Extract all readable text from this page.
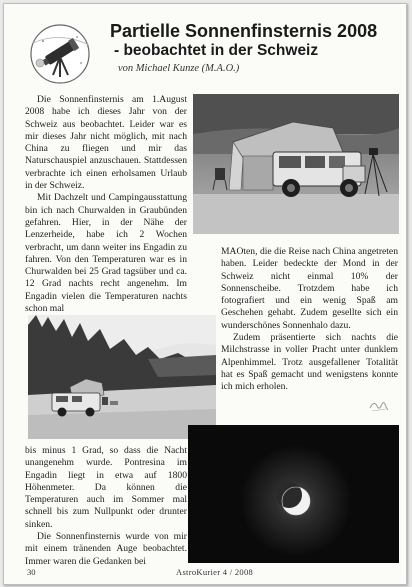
Partielle Sonnenfinsternis 2008
- beobachtet in der Schweiz
von Michael Kunze (M.A.O.)

Die Sonnenfinsternis am 1.August 2008 habe ich dieses Jahr von der Schweiz aus beobachtet. Leider war es mir dieses Jahr nicht möglich, mit nach China zu fliegen und mir das Naturschauspiel anzuschauen. Stattdessen verbrachte ich einen erholsamen Urlaub in der Schweiz.

Mit Dachzelt und Campingausstattung bin ich nach Churwalden in Graubünden gefahren. Hier, in der Nähe der Lenzerheide, habe ich 2 Wochen verbracht, um dann weiter ins Engadin zu fahren. Von den Temperaturen war es in Churwalden bei 25 Grad tagsüber und ca. 12 Grad nachts recht angenehm. Im Engadin vielen die Temperaturen nachts schon mal

bis minus 1 Grad, so dass die Nacht unangenehm wurde. Pontresina im Engadin liegt in etwa auf 1800 Höhenmeter. Da können die Temperaturen auch im Sommer mal schnell bis zum Nullpunkt oder drunter sinken.

Die Sonnenfinsternis wurde von mir mit einem tränenden Auge beobachtet. Immer waren die Gedanken bei

MAOten, die die Reise nach China angetreten haben. Leider bedeckte der Mond in der Schweiz nicht einmal 10% der Sonnenscheibe. Trotzdem habe ich fotografiert und ein wenig Spaß am Geschehen gehabt. Zudem gesellte sich ein wunderschönes Sonnenhalo dazu.

Zudem präsentierte sich nachts die Milchstrasse in voller Pracht unter dunklem Alpenhimmel. Trotz ausgefallener Totalität hat es Spaß gemacht und wenigstens konnte ich mich erholen.

30	AstroKurier 4 / 2008
